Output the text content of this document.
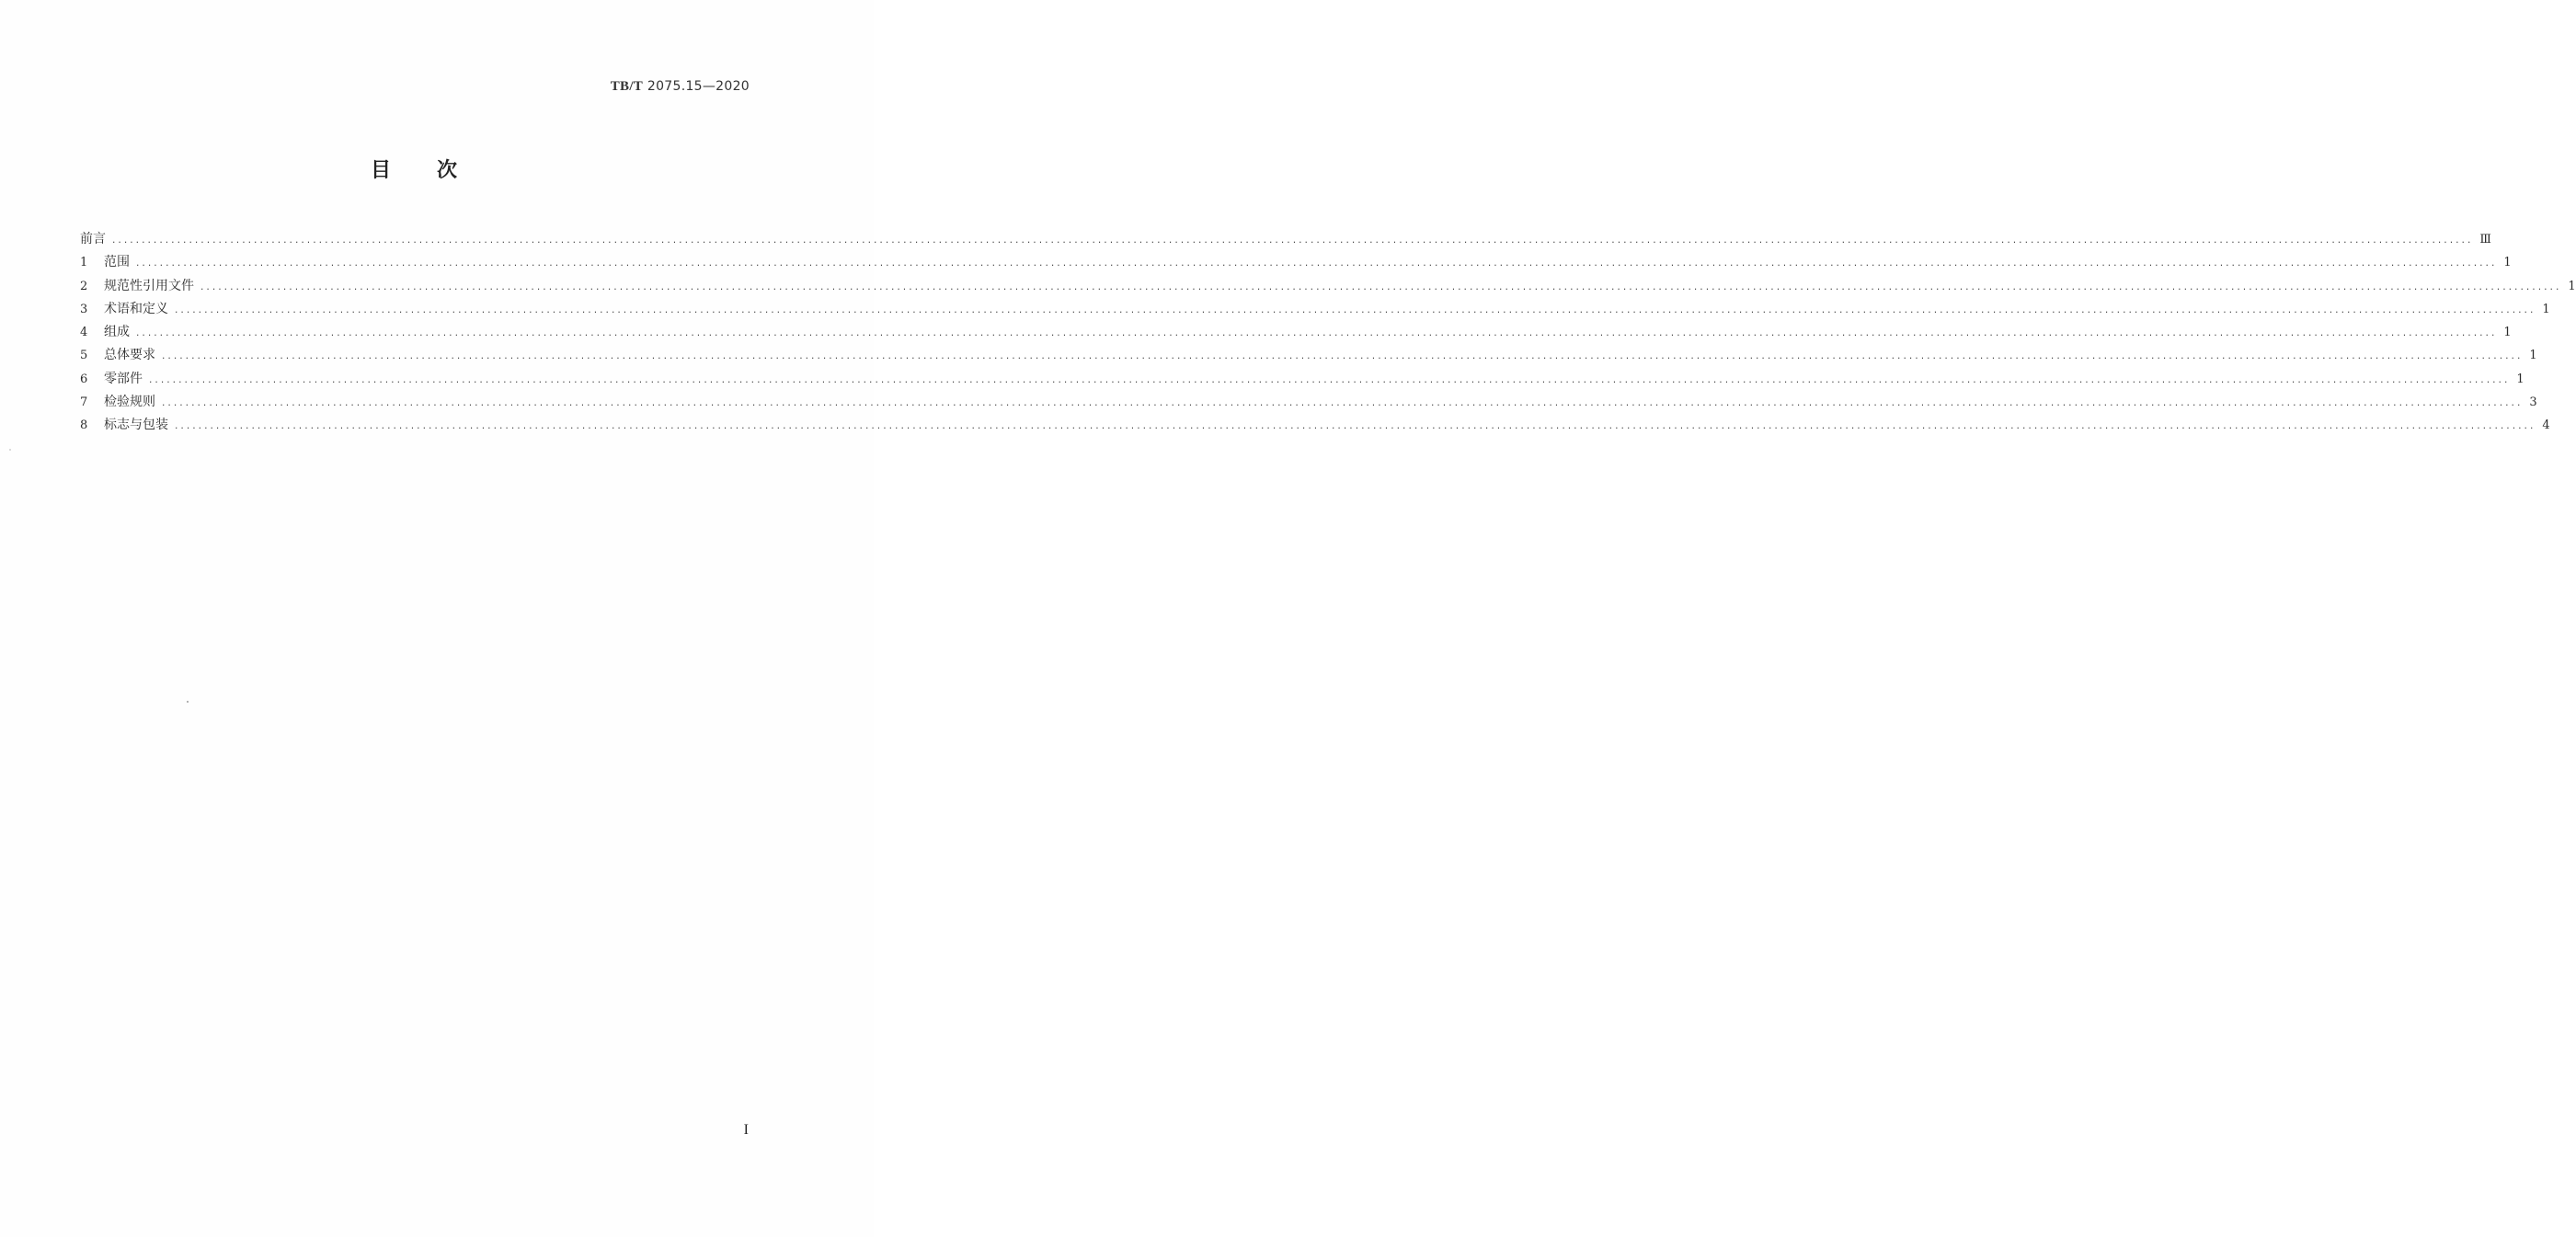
TB/T 2075.15—2020
目 次
前言 ................................................................................................................................................................................................................................................................................................................................................................................................................ Ⅲ
1	范围 ................................................................................................................................................................................................................................................................................................................................................................................................................ 1
2	规范性引用文件 ................................................................................................................................................................................................................................................................................................................................................................................................................ 1
3	术语和定义 ................................................................................................................................................................................................................................................................................................................................................................................................................ 1
4	组成 ................................................................................................................................................................................................................................................................................................................................................................................................................ 1
5	总体要求 ................................................................................................................................................................................................................................................................................................................................................................................................................ 1
6	零部件 ................................................................................................................................................................................................................................................................................................................................................................................................................ 1
7	检验规则 ................................................................................................................................................................................................................................................................................................................................................................................................................ 3
8	标志与包装 ................................................................................................................................................................................................................................................................................................................................................................................................................ 4
I
